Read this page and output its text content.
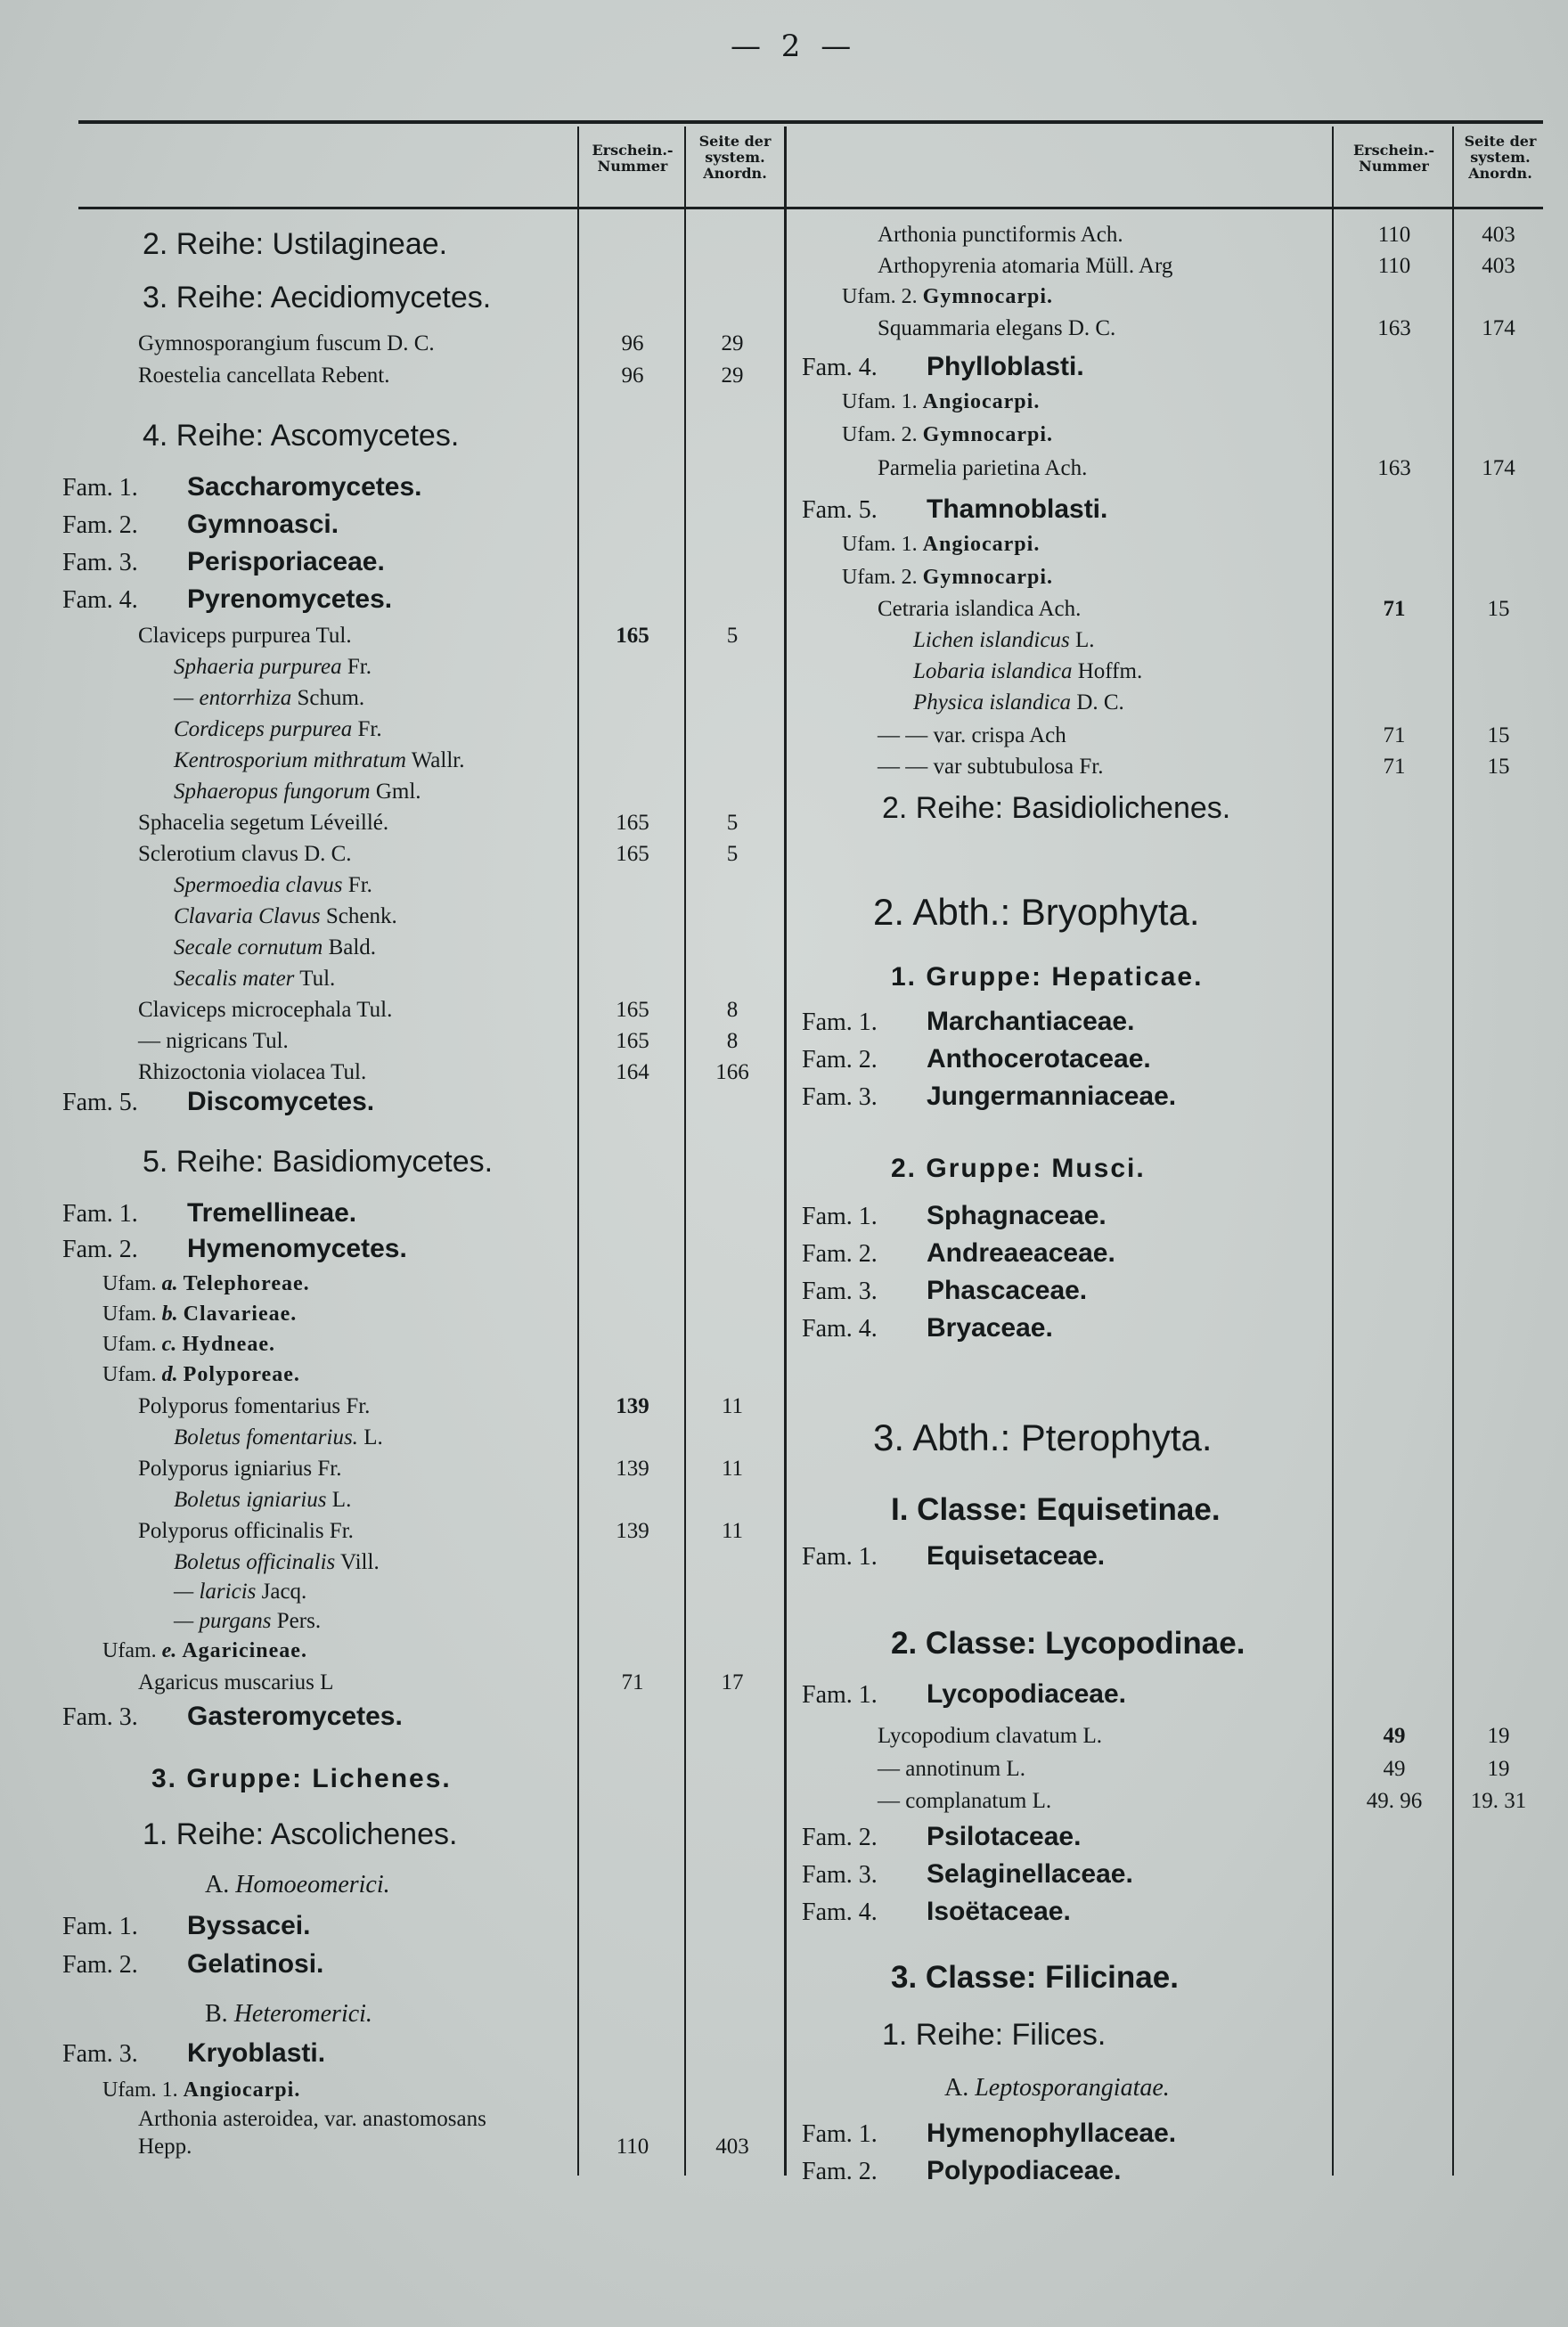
— 2 —
Erschein.- Nummer
Seite der system. Anordn.
Erschein.- Nummer
Seite der system. Anordn.
2. Reihe: Ustilagineae.
3. Reihe: Aecidiomycetes.
Gymnosporangium fuscum D. C.	96	29
Roestelia cancellata Rebent.	96	29
4. Reihe: Ascomycetes.
Fam. 1. Saccharomycetes.
Fam. 2. Gymnoasci.
Fam. 3. Perisporiaceae.
Fam. 4. Pyrenomycetes.
Claviceps purpurea Tul.	165	5
Sphaeria purpurea Fr.
— entorrhiza Schum.
Cordiceps purpurea Fr.
Kentrosporium mithratum Wallr.
Sphaeropus fungorum Gml.
Sphacelia segetum Léveillé.	165	5
Sclerotium clavus D. C.	165	5
Spermoedia clavus Fr.
Clavaria Clavus Schenk.
Secale cornutum Bald.
Secalis mater Tul.
Claviceps microcephala Tul.	165	8
— nigricans Tul.	165	8
Rhizoctonia violacea Tul.	164	166
Fam. 5. Discomycetes.
5. Reihe: Basidiomycetes.
Fam. 1. Tremellineae.
Fam. 2. Hymenomycetes.
Ufam. a. Telephoreae.
Ufam. b. Clavarieae.
Ufam. c. Hydneae.
Ufam. d. Polyporeae.
Polyporus fomentarius Fr.	139	11
Boletus fomentarius. L.
Polyporus igniarius Fr.	139	11
Boletus igniarius L.
Polyporus officinalis Fr.	139	11
Boletus officinalis Vill.
— laricis Jacq.
— purgans Pers.
Ufam. e. Agaricineae.
Agaricus muscarius L	71	17
Fam. 3. Gasteromycetes.
3. Gruppe: Lichenes.
1. Reihe: Ascolichenes.
A. Homoeomerici.
Fam. 1. Byssacei.
Fam. 2. Gelatinosi.
B. Heteromerici.
Fam. 3. Kryoblasti.
Ufam. 1. Angiocarpi.
Arthonia asteroidea, var. anastomosans
Hepp.	110	403
Arthonia punctiformis Ach.	110	403
Arthopyrenia atomaria Müll. Arg	110	403
Ufam. 2. Gymnocarpi.
Squammaria elegans D. C.	163	174
Fam. 4. Phylloblasti.
Ufam. 1. Angiocarpi.
Ufam. 2. Gymnocarpi.
Parmelia parietina Ach.	163	174
Fam. 5. Thamnoblasti.
Ufam. 1. Angiocarpi.
Ufam. 2. Gymnocarpi.
Cetraria islandica Ach.	71	15
Lichen islandicus L.
Lobaria islandica Hoffm.
Physica islandica D. C.
— — var. crispa Ach	71	15
— — var subtubulosa Fr.	71	15
2. Reihe: Basidiolichenes.
2. Abth.: Bryophyta.
1. Gruppe: Hepaticae.
Fam. 1. Marchantiaceae.
Fam. 2. Anthocerotaceae.
Fam. 3. Jungermanniaceae.
2. Gruppe: Musci.
Fam. 1. Sphagnaceae.
Fam. 2. Andreaeaceae.
Fam. 3. Phascaceae.
Fam. 4. Bryaceae.
3. Abth.: Pterophyta.
I. Classe: Equisetinae.
Fam. 1. Equisetaceae.
2. Classe: Lycopodinae.
Fam. 1. Lycopodiaceae.
Lycopodium clavatum L.	49	19
— annotinum L.	49	19
— complanatum L.	49. 96	19. 31
Fam. 2. Psilotaceae.
Fam. 3. Selaginellaceae.
Fam. 4. Isoëtaceae.
3. Classe: Filicinae.
1. Reihe: Filices.
A. Leptosporangiatae.
Fam. 1. Hymenophyllaceae.
Fam. 2. Polypodiaceae.
